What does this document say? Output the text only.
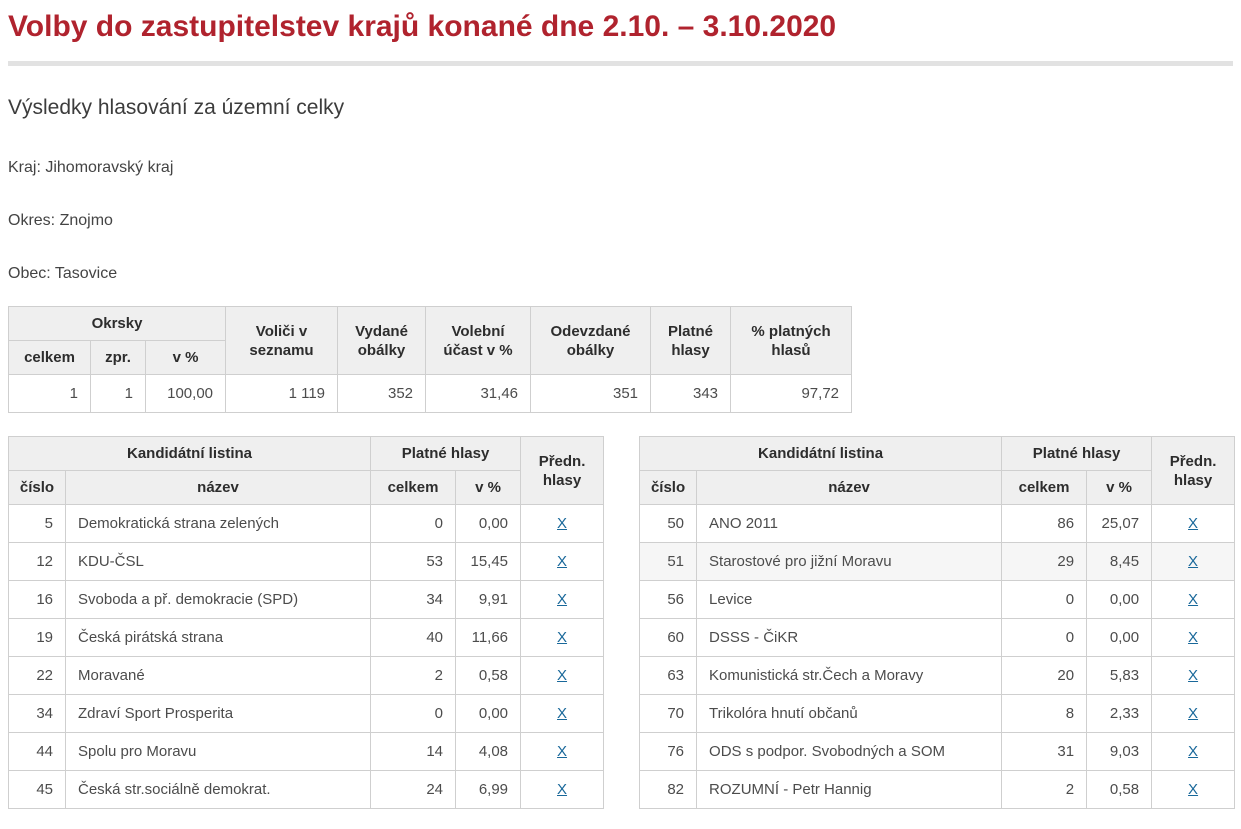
Volby do zastupitelstev krajů konané dne 2.10. – 3.10.2020
Výsledky hlasování za územní celky

Kraj: Jihomoravský kraj

Okres: Znojmo

Obec: Tasovice

Okrsky			Voliči v seznamu	Vydané obálky	Volební účast v %	Odevzdané obálky	Platné hlasy	% platných hlasů
celkem	zpr.	v %						
1	1	100,00	1 119	352	31,46	351	343	97,72
Kandidátní listina		Platné hlasy		Předn. hlasy
číslo	název	celkem	v %	
5	Demokratická strana zelených	0	0,00	X
12	KDU-ČSL	53	15,45	X
16	Svoboda a př. demokracie (SPD)	34	9,91	X
19	Česká pirátská strana	40	11,66	X
22	Moravané	2	0,58	X
34	Zdraví Sport Prosperita	0	0,00	X
44	Spolu pro Moravu	14	4,08	X
45	Česká str.sociálně demokrat.	24	6,99	X
Kandidátní listina		Platné hlasy		Předn. hlasy
číslo	název	celkem	v %	
50	ANO 2011	86	25,07	X
51	Starostové pro jižní Moravu	29	8,45	X
56	Levice	0	0,00	X
60	DSSS - ČiKR	0	0,00	X
63	Komunistická str.Čech a Moravy	20	5,83	X
70	Trikolóra hnutí občanů	8	2,33	X
76	ODS s podpor. Svobodných a SOM	31	9,03	X
82	ROZUMNÍ - Petr Hannig	2	0,58	X
